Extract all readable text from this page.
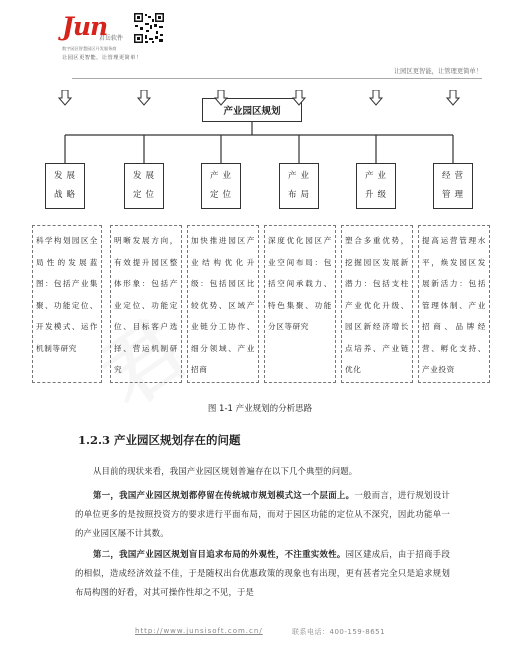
Jun
君岳软件
数字园区智慧园区开发服务商
让园区更智能，让管理更简单！
让园区更智能，让管理更简单！
产业园区规划
发展
战略
发展
定位
产业
定位
产业
布局
产业
升级
经营
管理
科学构划园区全局性的发展蓝图：包括产业集聚、功能定位、开发模式、运作机制等研究
明晰发展方向，有效提升园区整体形象：包括产业定位、功能定位、目标客户选择、营运机制研究
加快推进园区产业结构优化升级：包括园区比较优势、区域产业链分工协作、细分领域、产业招商
深度优化园区产业空间布局：包括空间承载力、特色集聚、功能分区等研究
塑合多重优势，挖掘园区发展新潜力：包括支柱产业优化升级、园区新经济增长点培养、产业链优化
提高运营管理水平，焕发园区发展新活力：包括管理体制、产业招商、品牌经营、孵化支持、产业投资
图 1-1 产业规划的分析思路
1.2.3 产业园区规划存在的问题
从目前的现状来看，我国产业园区规划普遍存在以下几个典型的问题。
第一，我国产业园区规划都停留在传统城市规划模式这一个层面上。一般而言，进行规划设计的单位更多的是按照投资方的要求进行平面布局，而对于园区功能的定位从不深究，因此功能单一的产业园区屡不计其数。
第二，我国产业园区规划盲目追求布局的外观性，不注重实效性。园区建成后，由于招商手段的相似，造成经济效益不佳，于是随权出台优惠政策的现象也有出现，更有甚者完全只是追求规划布局构图的好看，对其可操作性却之不见，于是
http://www.junsisoft.com.cn/	联系电话：400-159-8651
